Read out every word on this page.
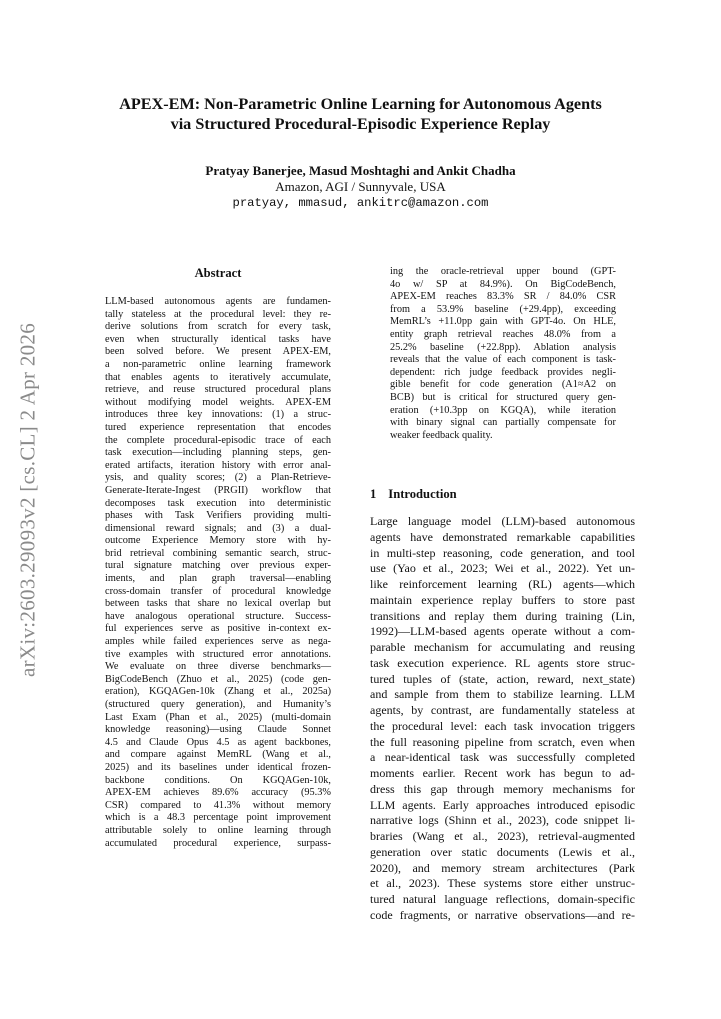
arXiv:2603.29093v2 [cs.CL] 2 Apr 2026
APEX-EM: Non-Parametric Online Learning for Autonomous Agents
via Structured Procedural-Episodic Experience Replay
Pratyay Banerjee, Masud Moshtaghi and Ankit Chadha
Amazon, AGI / Sunnyvale, USA
pratyay, mmasud, ankitrc@amazon.com
Abstract
LLM-based autonomous agents are fundamen-
tally stateless at the procedural level: they re-
derive solutions from scratch for every task,
even when structurally identical tasks have
been solved before. We present APEX-EM,
a non-parametric online learning framework
that enables agents to iteratively accumulate,
retrieve, and reuse structured procedural plans
without modifying model weights. APEX-EM
introduces three key innovations: (1) a struc-
tured experience representation that encodes
the complete procedural-episodic trace of each
task execution—including planning steps, gen-
erated artifacts, iteration history with error anal-
ysis, and quality scores; (2) a Plan-Retrieve-
Generate-Iterate-Ingest (PRGII) workflow that
decomposes task execution into deterministic
phases with Task Verifiers providing multi-
dimensional reward signals; and (3) a dual-
outcome Experience Memory store with hy-
brid retrieval combining semantic search, struc-
tural signature matching over previous exper-
iments, and plan graph traversal—enabling
cross-domain transfer of procedural knowledge
between tasks that share no lexical overlap but
have analogous operational structure. Success-
ful experiences serve as positive in-context ex-
amples while failed experiences serve as nega-
tive examples with structured error annotations.
We evaluate on three diverse benchmarks—
BigCodeBench (Zhuo et al., 2025) (code gen-
eration), KGQAGen-10k (Zhang et al., 2025a)
(structured query generation), and Humanity’s
Last Exam (Phan et al., 2025) (multi-domain
knowledge reasoning)—using Claude Sonnet
4.5 and Claude Opus 4.5 as agent backbones,
and compare against MemRL (Wang et al.,
2025) and its baselines under identical frozen-
backbone conditions. On KGQAGen-10k,
APEX-EM achieves 89.6% accuracy (95.3%
CSR) compared to 41.3% without memory
which is a 48.3 percentage point improvement
attributable solely to online learning through
accumulated procedural experience, surpass-
ing the oracle-retrieval upper bound (GPT-
4o w/ SP at 84.9%). On BigCodeBench,
APEX-EM reaches 83.3% SR / 84.0% CSR
from a 53.9% baseline (+29.4pp), exceeding
MemRL’s +11.0pp gain with GPT-4o. On HLE,
entity graph retrieval reaches 48.0% from a
25.2% baseline (+22.8pp). Ablation analysis
reveals that the value of each component is task-
dependent: rich judge feedback provides negli-
gible benefit for code generation (A1≈A2 on
BCB) but is critical for structured query gen-
eration (+10.3pp on KGQA), while iteration
with binary signal can partially compensate for
weaker feedback quality.
1 Introduction
Large language model (LLM)-based autonomous
agents have demonstrated remarkable capabilities
in multi-step reasoning, code generation, and tool
use (Yao et al., 2023; Wei et al., 2022). Yet un-
like reinforcement learning (RL) agents—which
maintain experience replay buffers to store past
transitions and replay them during training (Lin,
1992)—LLM-based agents operate without a com-
parable mechanism for accumulating and reusing
task execution experience. RL agents store struc-
tured tuples of (state, action, reward, next_state)
and sample from them to stabilize learning. LLM
agents, by contrast, are fundamentally stateless at
the procedural level: each task invocation triggers
the full reasoning pipeline from scratch, even when
a near-identical task was successfully completed
moments earlier. Recent work has begun to ad-
dress this gap through memory mechanisms for
LLM agents. Early approaches introduced episodic
narrative logs (Shinn et al., 2023), code snippet li-
braries (Wang et al., 2023), retrieval-augmented
generation over static documents (Lewis et al.,
2020), and memory stream architectures (Park
et al., 2023). These systems store either unstruc-
tured natural language reflections, domain-specific
code fragments, or narrative observations—and re-
